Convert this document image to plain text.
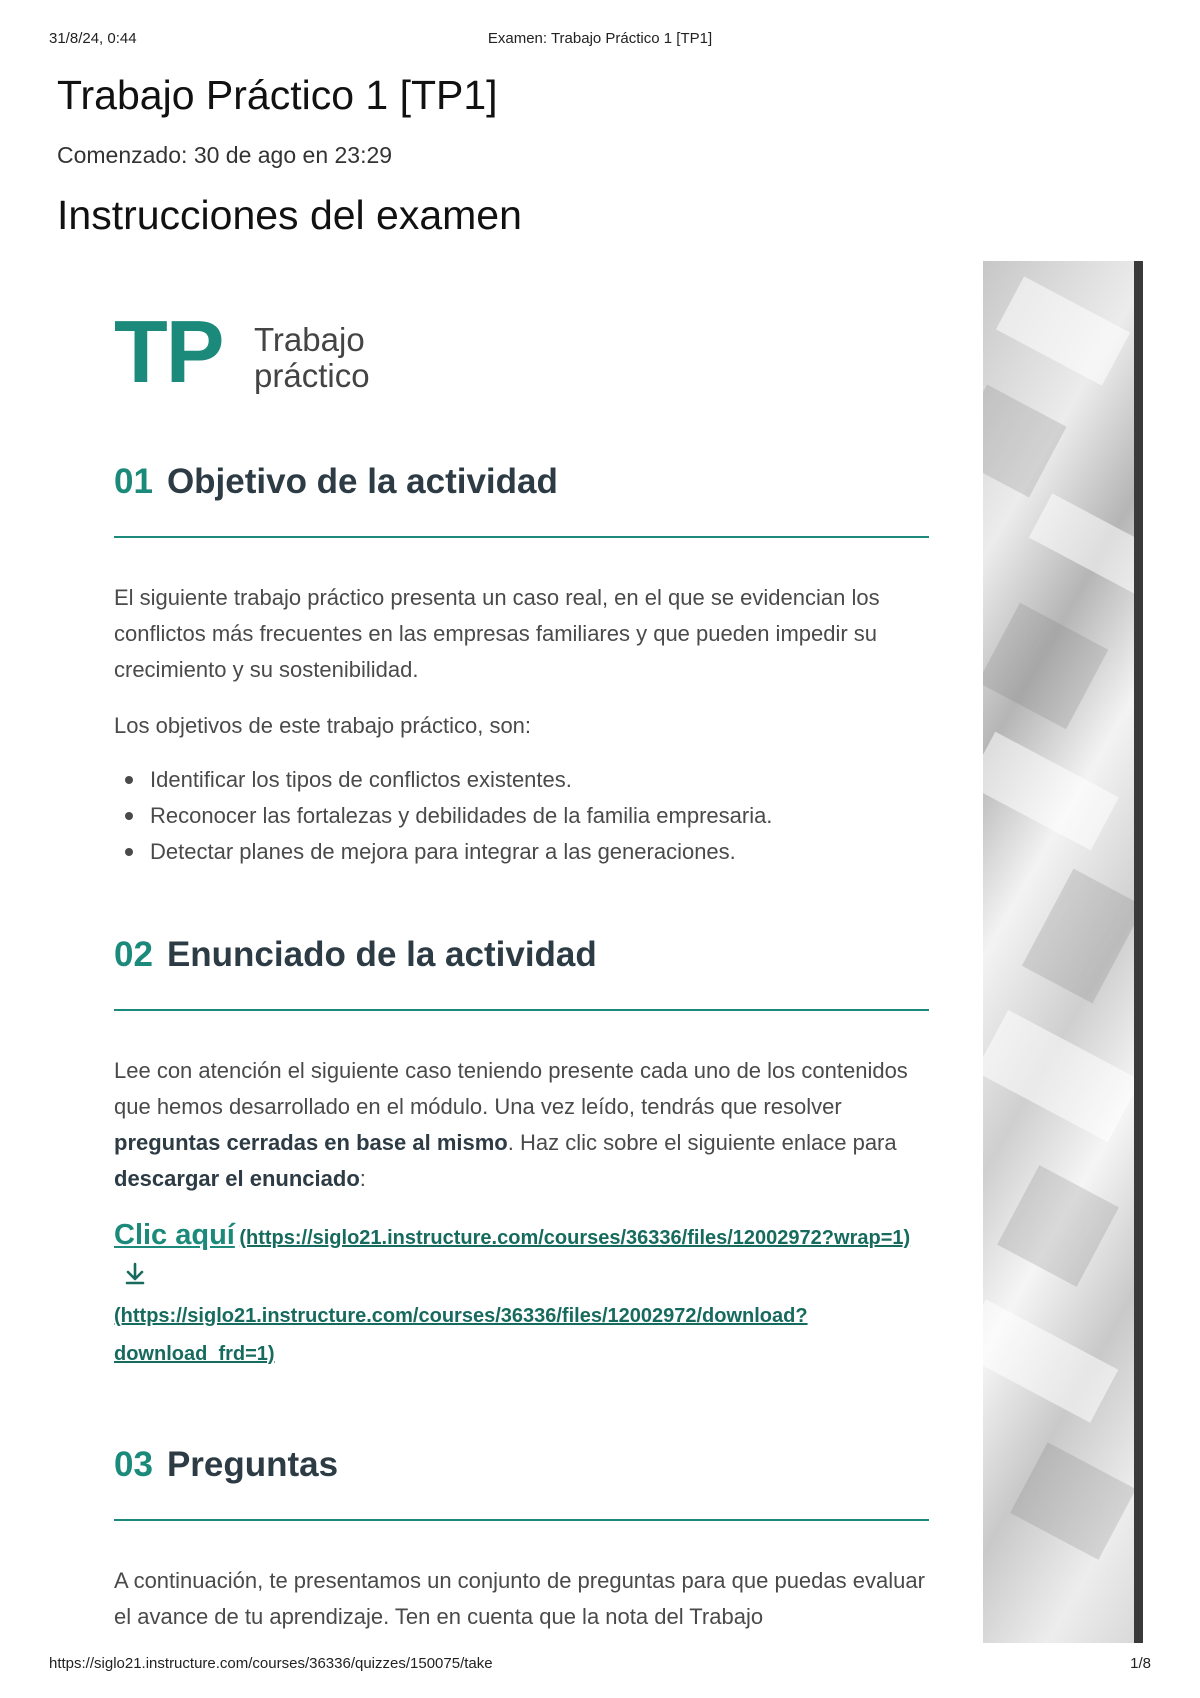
31/8/24, 0:44	Examen: Trabajo Práctico 1 [TP1]
Trabajo Práctico 1 [TP1]
Comenzado: 30 de ago en 23:29
Instrucciones del examen
TP Trabajo
práctico
01 Objetivo de la actividad

El siguiente trabajo práctico presenta un caso real, en el que se evidencian los conflictos más frecuentes en las empresas familiares y que pueden impedir su crecimiento y su sostenibilidad.

Los objetivos de este trabajo práctico, son:

Identificar los tipos de conflictos existentes.
Reconocer las fortalezas y debilidades de la familia empresaria.
Detectar planes de mejora para integrar a las generaciones.
02 Enunciado de la actividad

Lee con atención el siguiente caso teniendo presente cada uno de los contenidos que hemos desarrollado en el módulo. Una vez leído, tendrás que resolver preguntas cerradas en base al mismo. Haz clic sobre el siguiente enlace para descargar el enunciado:

Clic aquí (https://siglo21.instructure.com/courses/36336/files/12002972?wrap=1)
(https://siglo21.instructure.com/courses/36336/files/12002972/download?download_frd=1)
03 Preguntas

A continuación, te presentamos un conjunto de preguntas para que puedas evaluar el avance de tu aprendizaje. Ten en cuenta que la nota del Trabajo

https://siglo21.instructure.com/courses/36336/quizzes/150075/take	1/8
